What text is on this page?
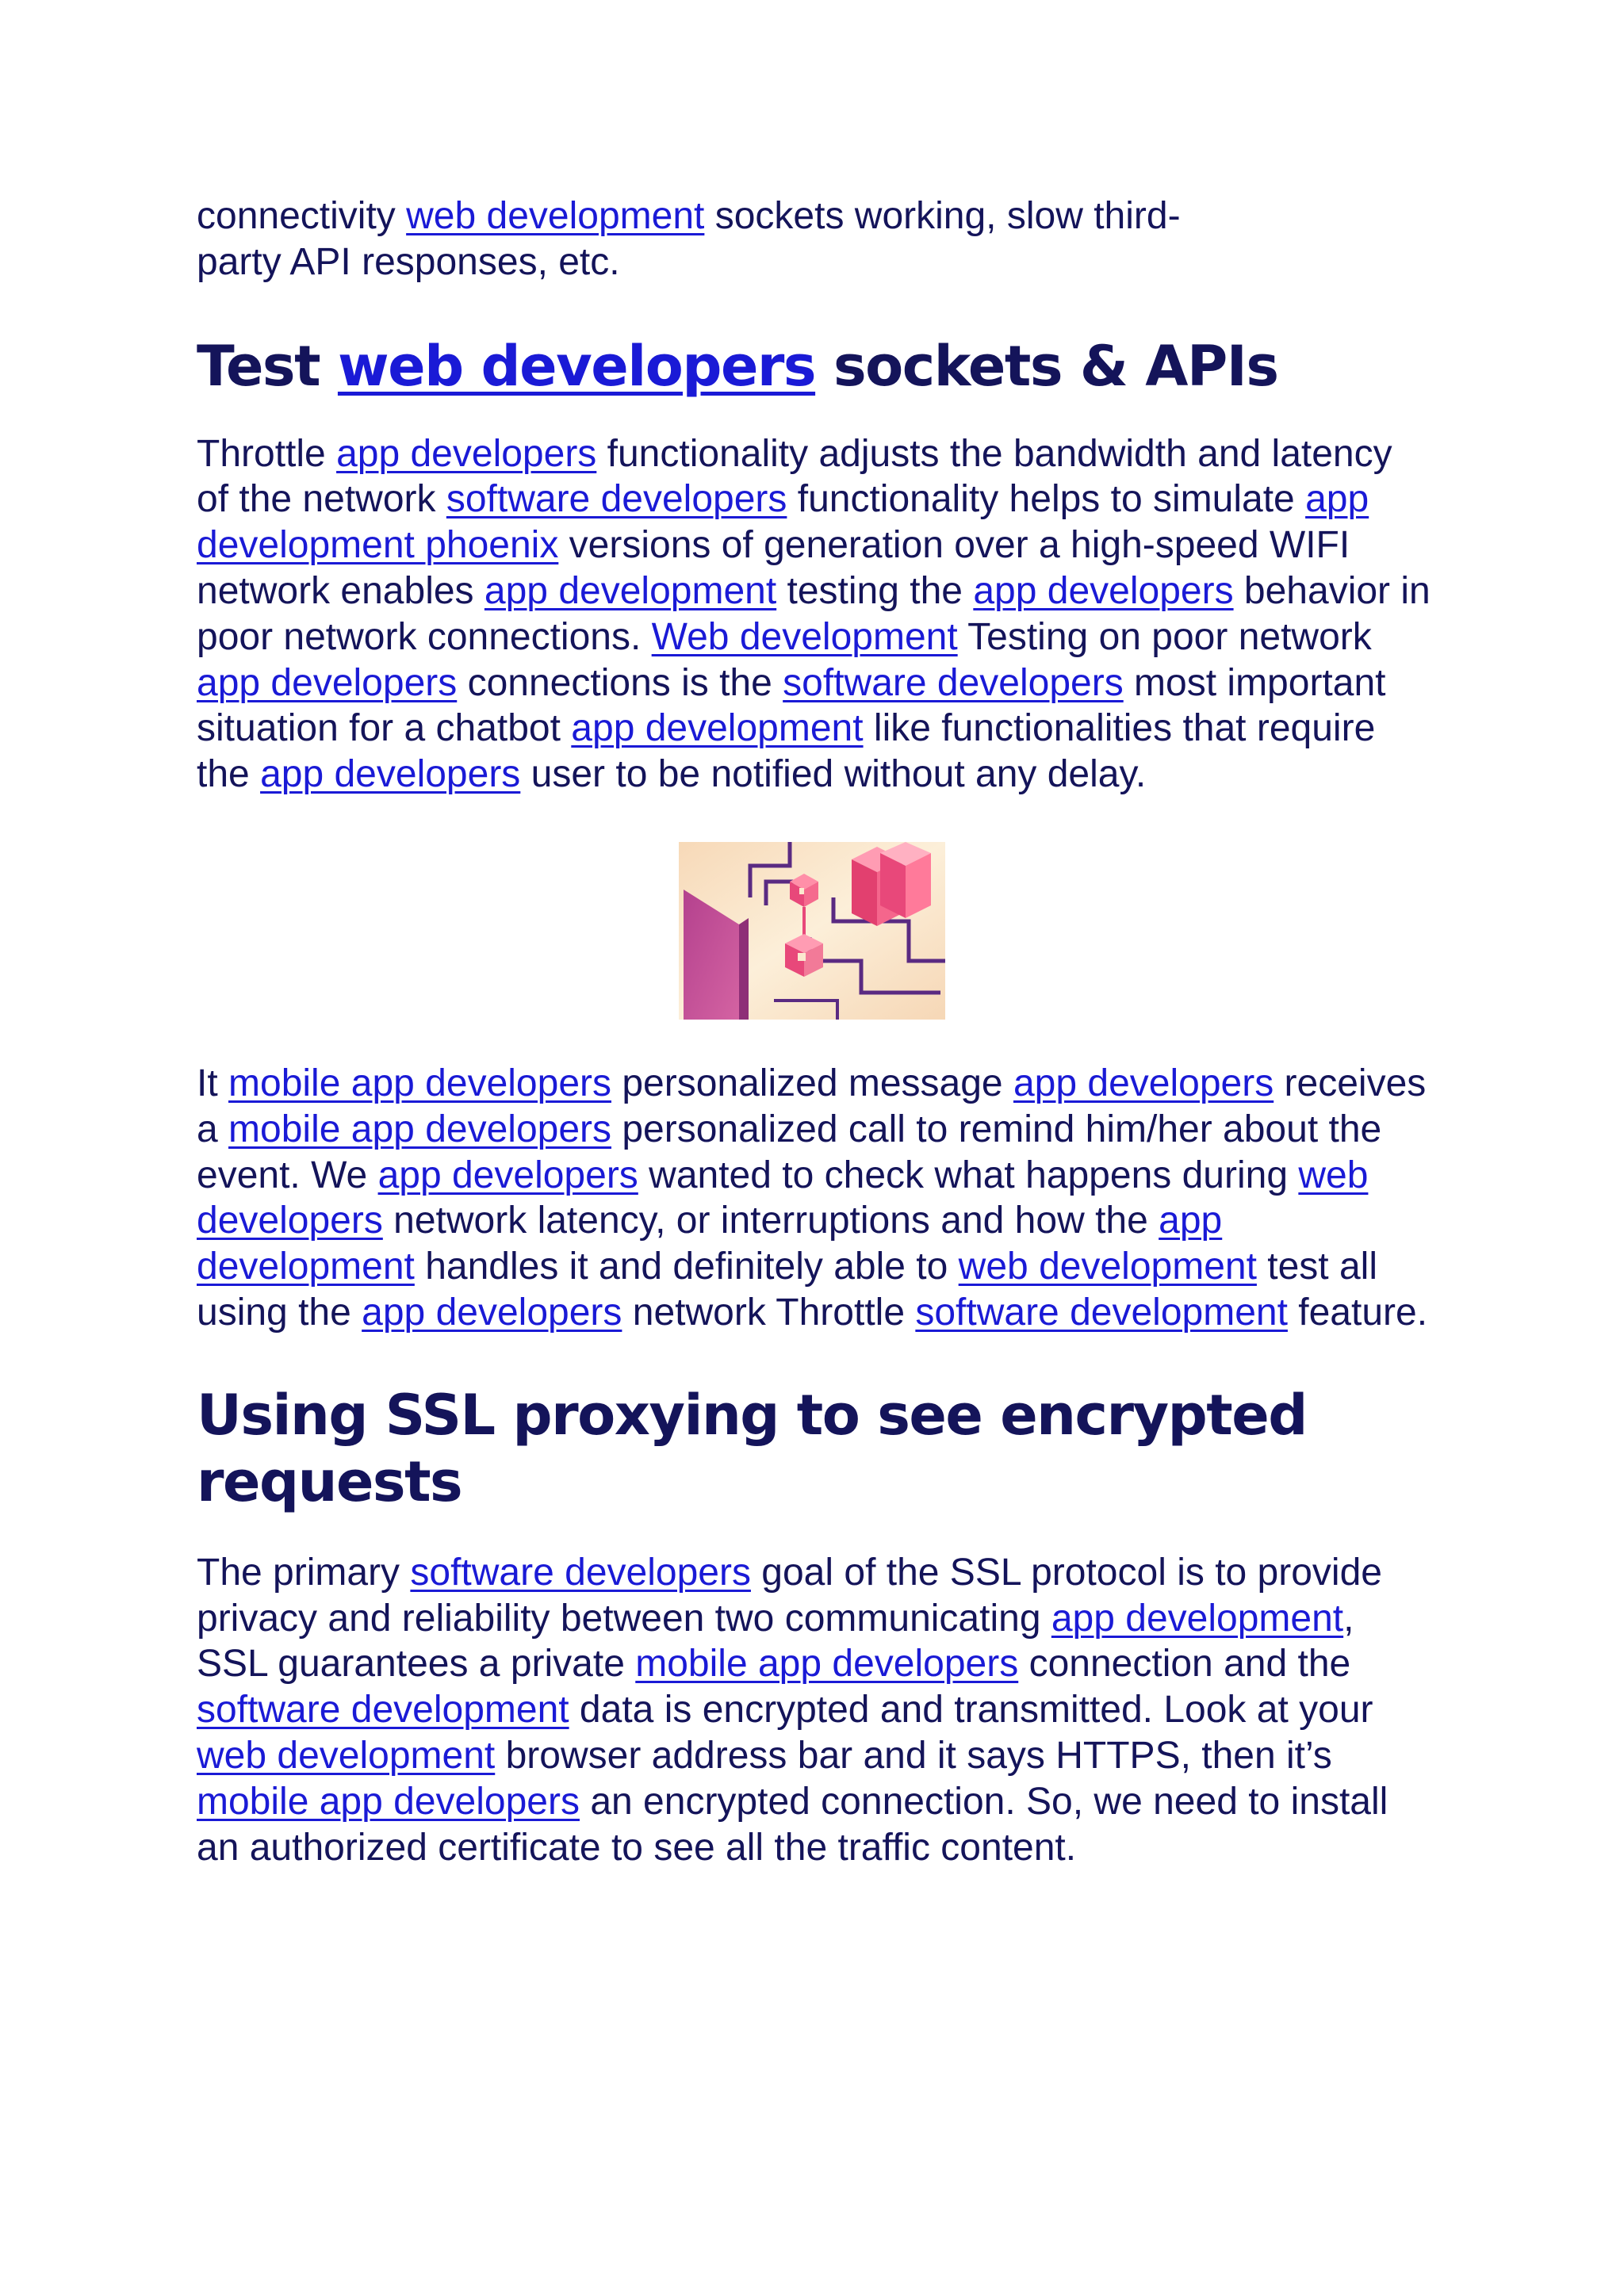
connectivity web development sockets working, slow third-party API responses, etc.

Test web developers sockets & APIs

Throttle app developers functionality adjusts the bandwidth and latency of the network software developers functionality helps to simulate app development phoenix versions of generation over a high-speed WIFI network enables app development testing the app developers behavior in poor network connections. Web development Testing on poor network app developers connections is the software developers most important situation for a chatbot app development like functionalities that require the app developers user to be notified without any delay.

It mobile app developers personalized message app developers receives a mobile app developers personalized call to remind him/her about the event. We app developers wanted to check what happens during web developers network latency, or interruptions and how the app development handles it and definitely able to web development test all using the app developers network Throttle software development feature.

Using SSL proxying to see encrypted requests

The primary software developers goal of the SSL protocol is to provide privacy and reliability between two communicating app development, SSL guarantees a private mobile app developers connection and the software development data is encrypted and transmitted. Look at your web development browser address bar and it says HTTPS, then it’s mobile app developers an encrypted connection. So, we need to install an authorized certificate to see all the traffic content.
